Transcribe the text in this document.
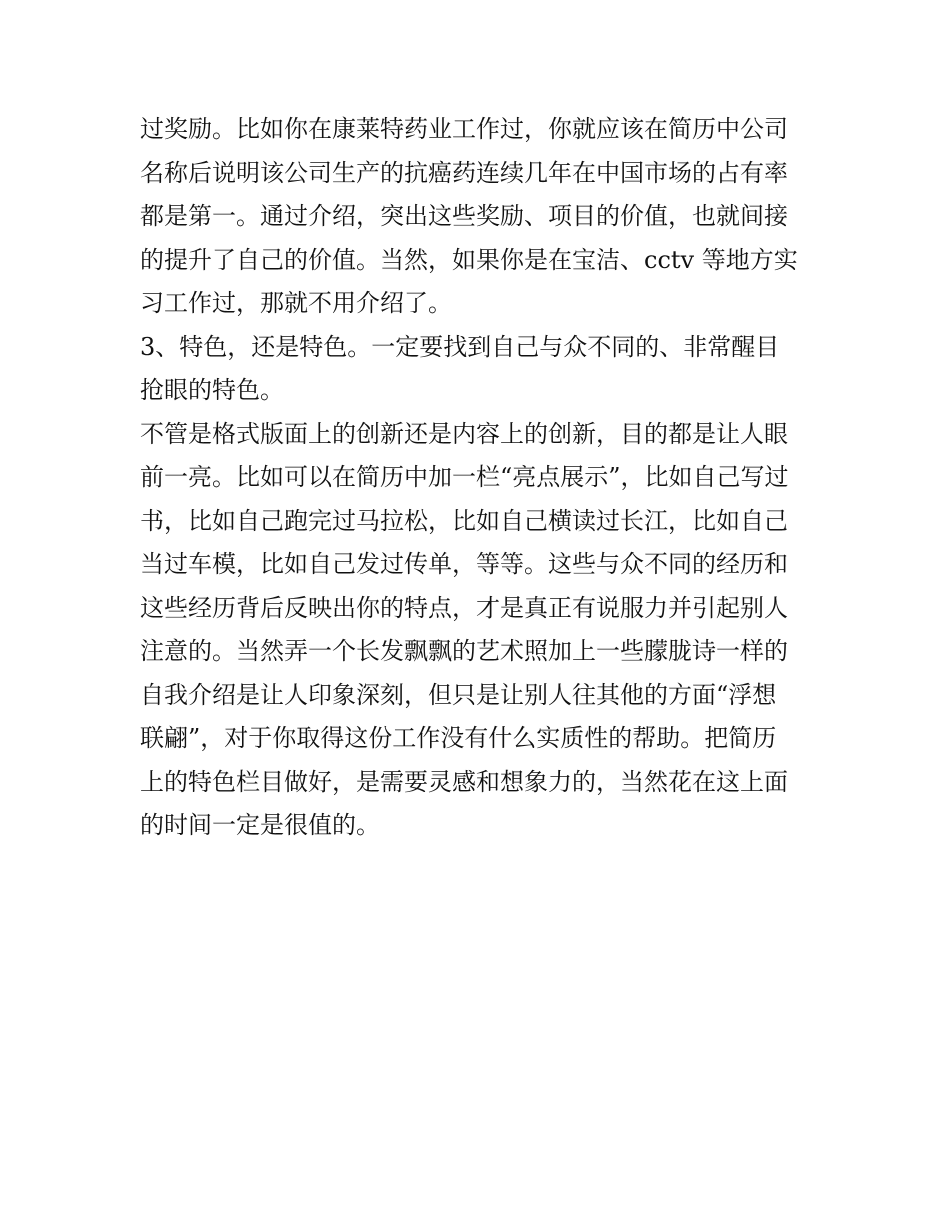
过奖励。比如你在康莱特药业工作过，你就应该在简历中公司
名称后说明该公司生产的抗癌药连续几年在中国市场的占有率
都是第一。通过介绍，突出这些奖励、项目的价值，也就间接
的提升了自己的价值。当然，如果你是在宝洁、cctv 等地方实
习工作过，那就不用介绍了。
3、特色，还是特色。一定要找到自己与众不同的、非常醒目
抢眼的特色。
不管是格式版面上的创新还是内容上的创新，目的都是让人眼
前一亮。比如可以在简历中加一栏“亮点展示”，比如自己写过
书，比如自己跑完过马拉松，比如自己横读过长江，比如自己
当过车模，比如自己发过传单，等等。这些与众不同的经历和
这些经历背后反映出你的特点，才是真正有说服力并引起别人
注意的。当然弄一个长发飘飘的艺术照加上一些朦胧诗一样的
自我介绍是让人印象深刻，但只是让别人往其他的方面“浮想
联翩”，对于你取得这份工作没有什么实质性的帮助。把简历
上的特色栏目做好，是需要灵感和想象力的，当然花在这上面
的时间一定是很值的。
